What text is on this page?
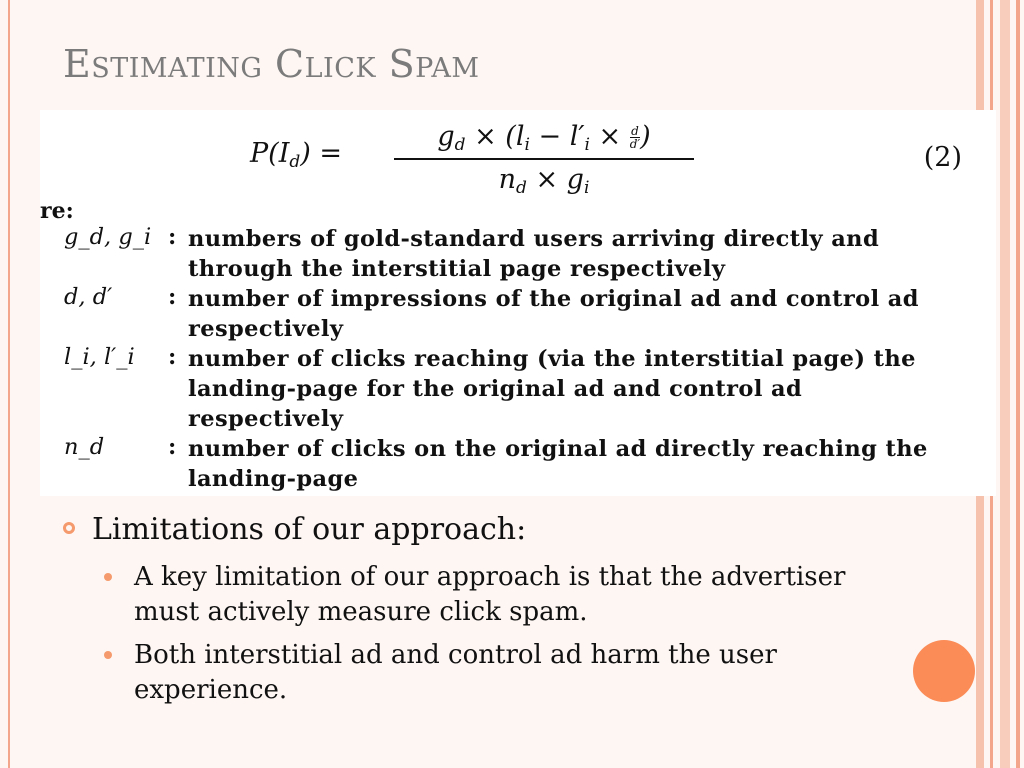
Estimating Click Spam
$P(I_d)$ =
$g_d \times (l_i - l'_i \times \frac{d}{d'}$ )
$n_d \times g_i$
(2)
re:
g_d, g_i : numbers of gold-standard users arriving directly and through the interstitial page respectively
d, d′ : number of impressions of the original ad and control ad respectively
l_i, l′_i : number of clicks reaching (via the interstitial page) the landing-page for the original ad and control ad respectively
n_d	: number of clicks on the original ad directly reaching the landing-page
Limitations of our approach:
A key limitation of our approach is that the advertiser must actively measure click spam.
Both interstitial ad and control ad harm the user experience.
